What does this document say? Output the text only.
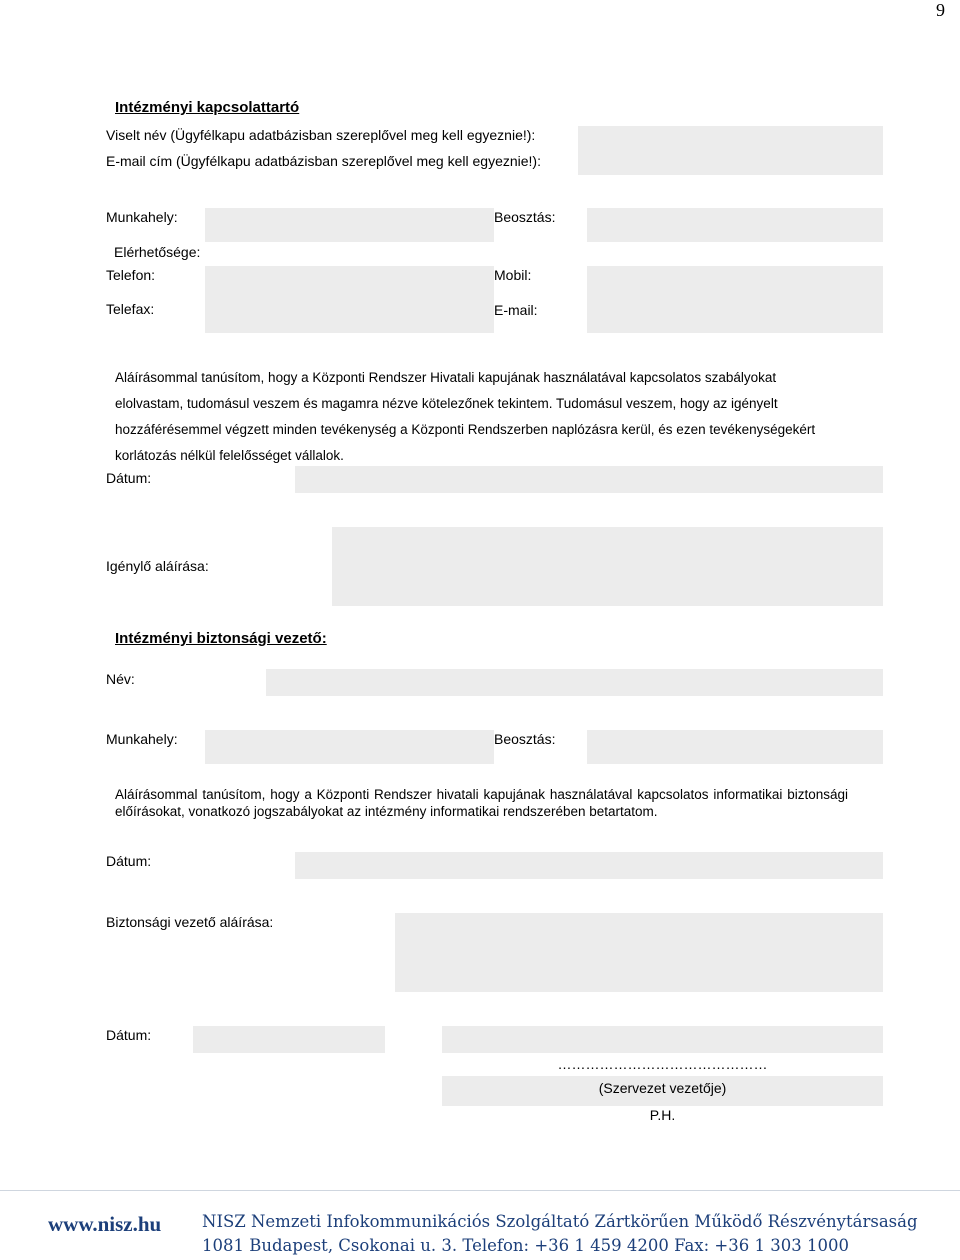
9
Intézményi kapcsolattartó
Viselt név (Ügyfélkapu adatbázisban szereplővel meg kell egyeznie!):
E-mail cím (Ügyfélkapu adatbázisban szereplővel meg kell egyeznie!):
Munkahely:	Beosztás:
Elérhetősége:
Telefon:	Mobil:
Telefax:	E-mail:
Aláírásommal tanúsítom, hogy a Központi Rendszer Hivatali kapujának használatával kapcsolatos szabályokat elolvastam, tudomásul veszem és magamra nézve kötelezőnek tekintem. Tudomásul veszem, hogy az igényelt hozzáférésemmel végzett minden tevékenység a Központi Rendszerben naplózásra kerül, és ezen tevékenységekért korlátozás nélkül felelősséget vállalok.
Dátum:
Igénylő aláírása:
Intézményi biztonsági vezető:
Név:
Munkahely:	Beosztás:
Aláírásommal tanúsítom, hogy a Központi Rendszer hivatali kapujának használatával kapcsolatos informatikai biztonsági előírásokat, vonatkozó jogszabályokat az intézmény informatikai rendszerében betartatom.
Dátum:
Biztonsági vezető aláírása:
Dátum:
………………………………………
(Szervezet vezetője)
P.H.
www.nisz.hu NISZ Nemzeti Infokommunikációs Szolgáltató Zártkörűen Működő Részvénytársaság
1081 Budapest, Csokonai u. 3. Telefon: +36 1 459 4200 Fax: +36 1 303 1000
